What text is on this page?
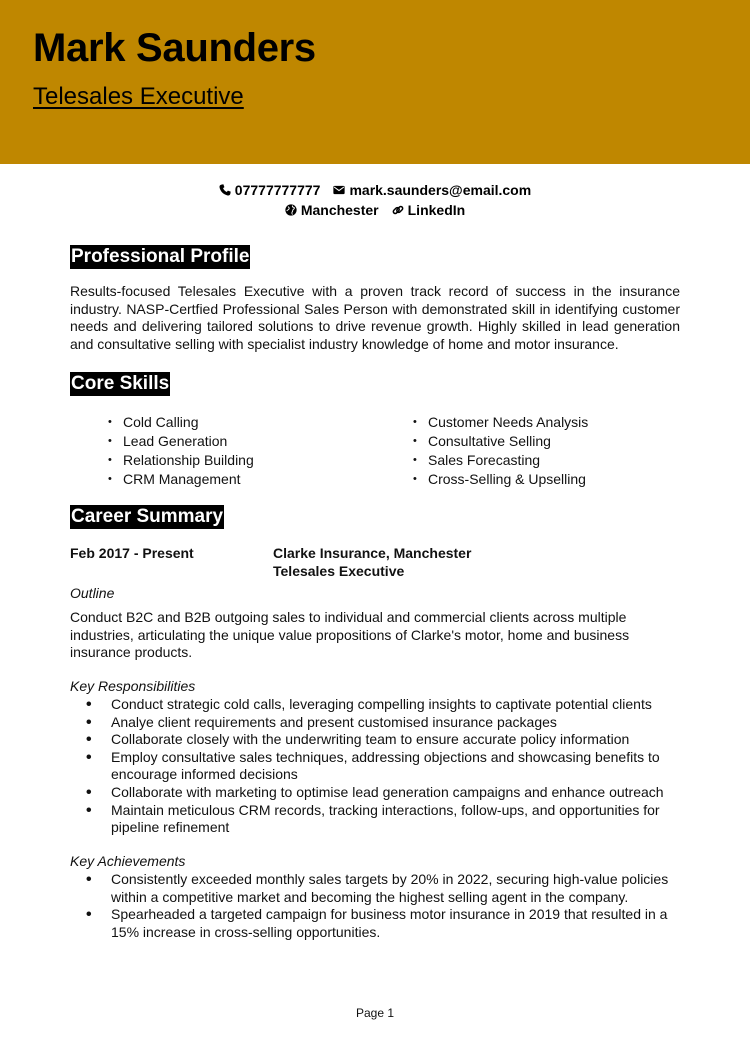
Mark Saunders
Telesales Executive
07777777777 mark.saunders@email.com
Manchester LinkedIn
Professional Profile
Results-focused Telesales Executive with a proven track record of success in the insurance industry. NASP-Certfied Professional Sales Person with demonstrated skill in identifying customer needs and delivering tailored solutions to drive revenue growth. Highly skilled in lead generation and consultative selling with specialist industry knowledge of home and motor insurance.
Core Skills
• Cold Calling	• Customer Needs Analysis
• Lead Generation	• Consultative Selling
• Relationship Building	• Sales Forecasting
• CRM Management	• Cross-Selling & Upselling
Career Summary
Feb 2017 - Present	Clarke Insurance, Manchester
Telesales Executive
Outline
Conduct B2C and B2B outgoing sales to individual and commercial clients across multiple industries, articulating the unique value propositions of Clarke's motor, home and business insurance products.
Key Responsibilities
• Conduct strategic cold calls, leveraging compelling insights to captivate potential clients
• Analye client requirements and present customised insurance packages
• Collaborate closely with the underwriting team to ensure accurate policy information
• Employ consultative sales techniques, addressing objections and showcasing benefits to encourage informed decisions
• Collaborate with marketing to optimise lead generation campaigns and enhance outreach
• Maintain meticulous CRM records, tracking interactions, follow-ups, and opportunities for pipeline refinement
Key Achievements
• Consistently exceeded monthly sales targets by 20% in 2022, securing high-value policies within a competitive market and becoming the highest selling agent in the company.
• Spearheaded a targeted campaign for business motor insurance in 2019 that resulted in a 15% increase in cross-selling opportunities.
Page 1
